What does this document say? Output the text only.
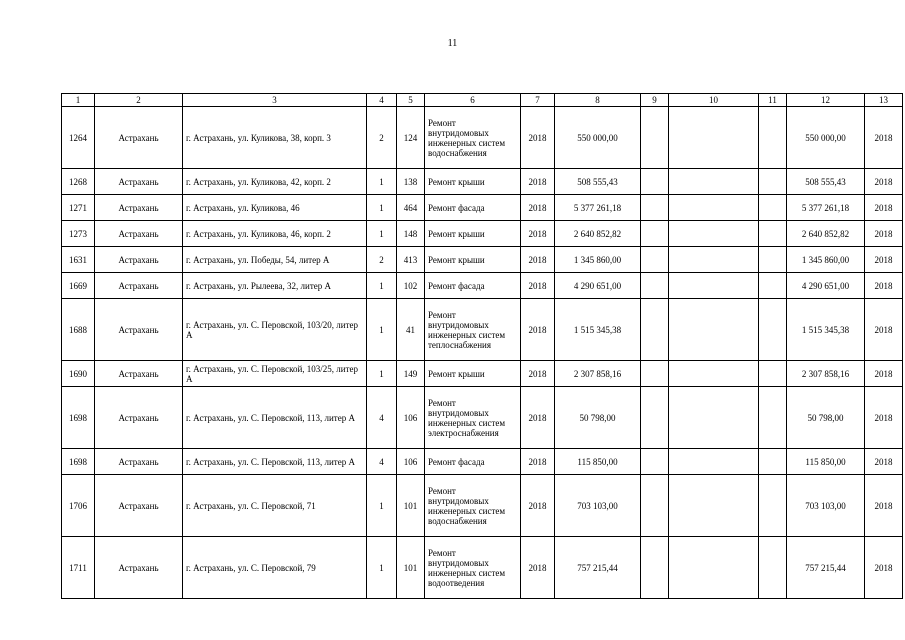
11
1	2	3	4	5	6	7	8	9	10	11	12	13
1264	Астрахань	г. Астрахань, ул. Куликова, 38, корп. 3	2	124	Ремонт внутридомовых инженерных систем водоснабжения	2018	550 000,00				550 000,00	2018
1268	Астрахань	г. Астрахань, ул. Куликова, 42, корп. 2	1	138	Ремонт крыши	2018	508 555,43				508 555,43	2018
1271	Астрахань	г. Астрахань, ул. Куликова, 46	1	464	Ремонт фасада	2018	5 377 261,18				5 377 261,18	2018
1273	Астрахань	г. Астрахань, ул. Куликова, 46, корп. 2	1	148	Ремонт крыши	2018	2 640 852,82				2 640 852,82	2018
1631	Астрахань	г. Астрахань, ул. Победы, 54, литер А	2	413	Ремонт крыши	2018	1 345 860,00				1 345 860,00	2018
1669	Астрахань	г. Астрахань, ул. Рылеева, 32, литер А	1	102	Ремонт фасада	2018	4 290 651,00				4 290 651,00	2018
1688	Астрахань	г. Астрахань, ул. С. Перовской, 103/20, литер А	1	41	Ремонт внутридомовых инженерных систем теплоснабжения	2018	1 515 345,38				1 515 345,38	2018
1690	Астрахань	г. Астрахань, ул. С. Перовской, 103/25, литер А	1	149	Ремонт крыши	2018	2 307 858,16				2 307 858,16	2018
1698	Астрахань	г. Астрахань, ул. С. Перовской, 113, литер А	4	106	Ремонт внутридомовых инженерных систем электроснабжения	2018	50 798,00				50 798,00	2018
1698	Астрахань	г. Астрахань, ул. С. Перовской, 113, литер А	4	106	Ремонт фасада	2018	115 850,00				115 850,00	2018
1706	Астрахань	г. Астрахань, ул. С. Перовской, 71	1	101	Ремонт внутридомовых инженерных систем водоснабжения	2018	703 103,00				703 103,00	2018
1711	Астрахань	г. Астрахань, ул. С. Перовской, 79	1	101	Ремонт внутридомовых инженерных систем водоотведения	2018	757 215,44				757 215,44	2018
